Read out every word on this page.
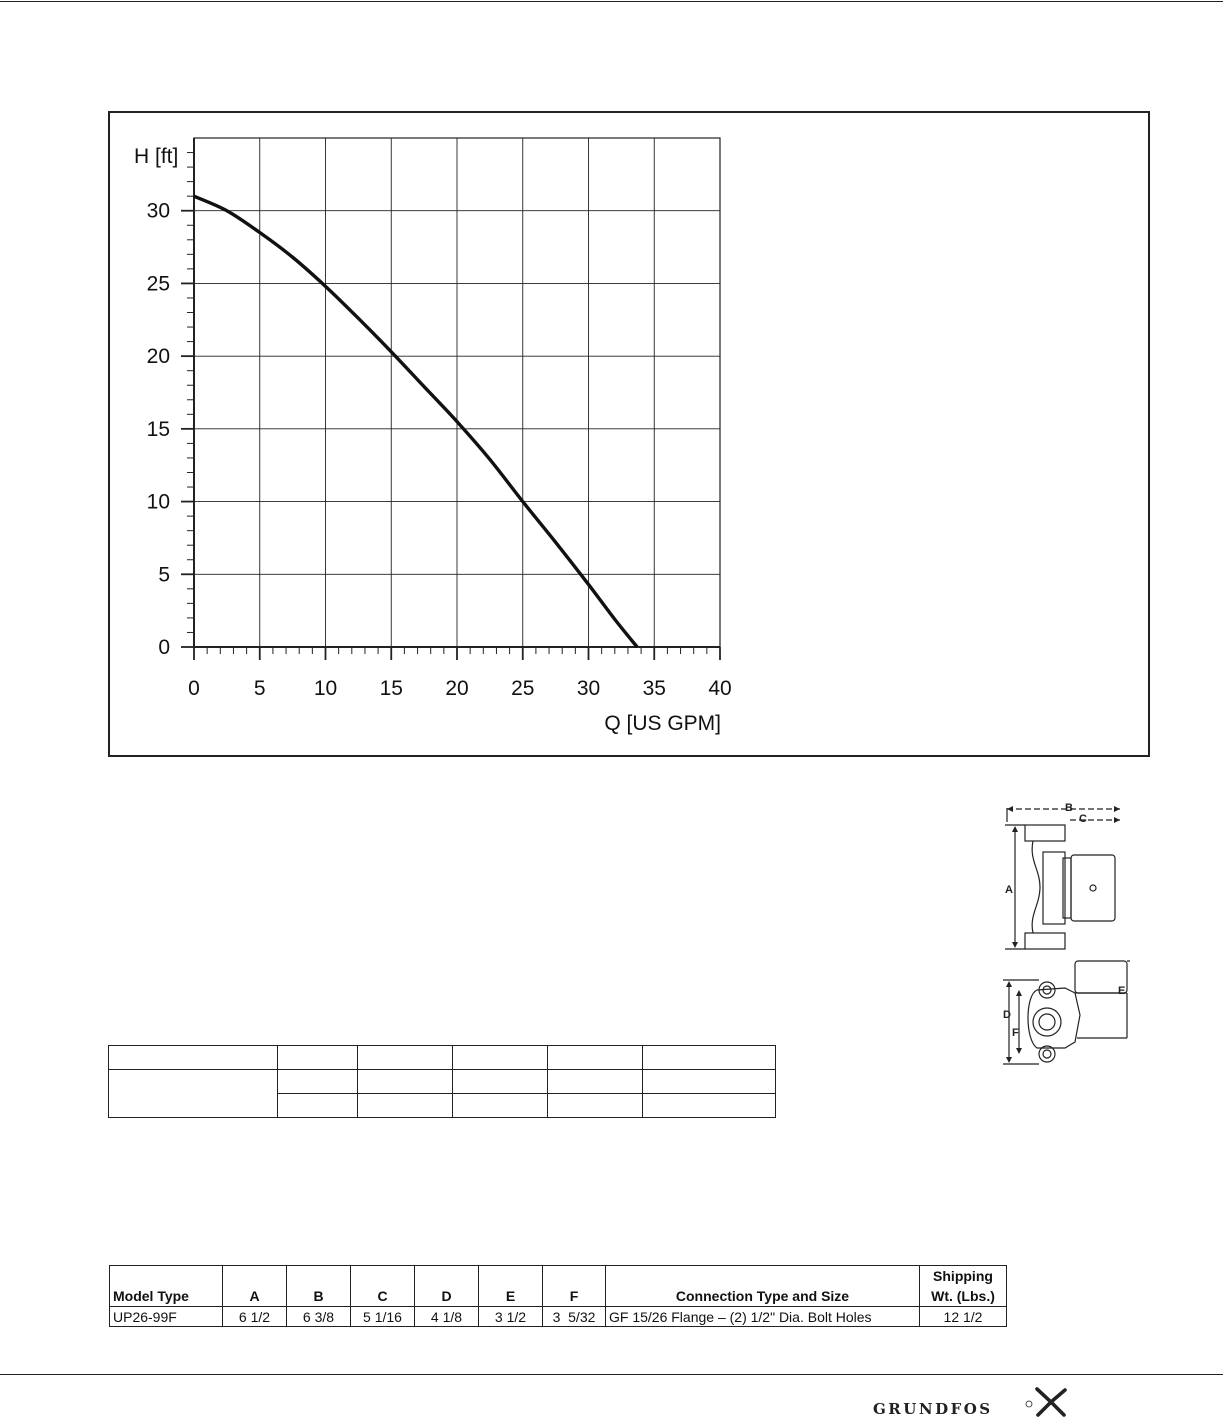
0	5 10 15 20 25 30 35 40
0
5
10
15
20
25
30
H [ft]
Q [US GPM]
B
C
A
E
D
F

Model Type	A	B	C	D	E	F	Connection Type and Size	Shipping
Wt. (Lbs.)
UP26-99F	6 1/2	6 3/8	5 1/16	4 1/8	3 1/2	3  5/32	GF 15/26 Flange – (2) 1/2" Dia. Bolt Holes	12 1/2
GRUNDFOS
